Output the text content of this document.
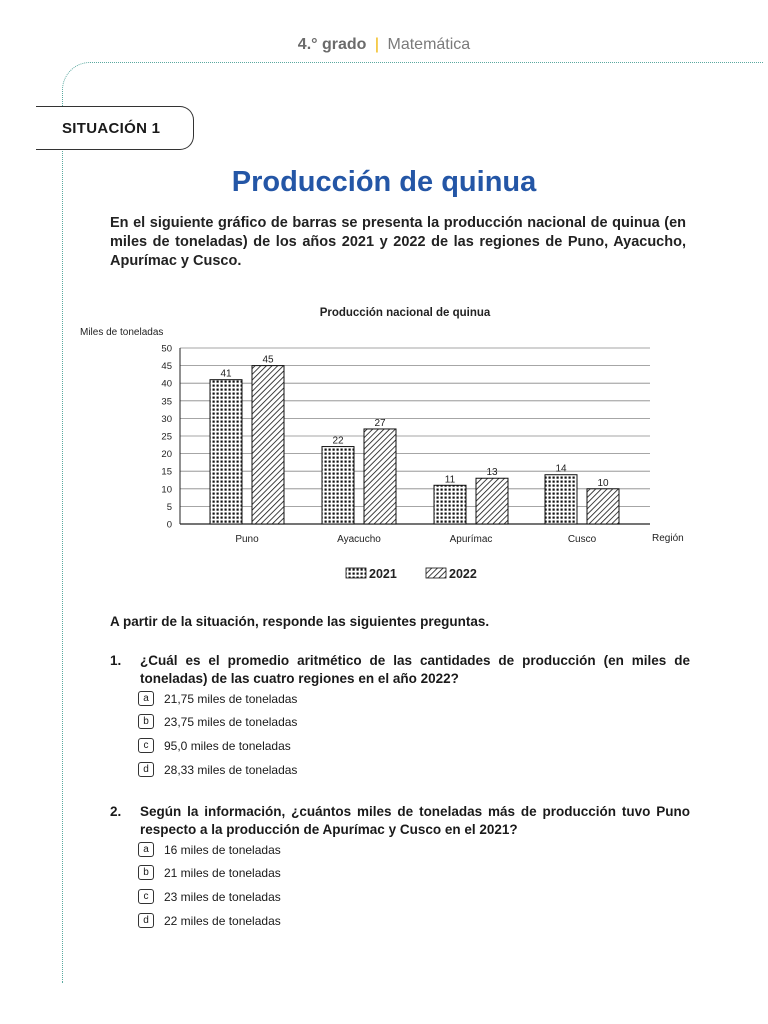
4.° grado | Matemática
SITUACIÓN 1
Producción de quinua
En el siguiente gráfico de barras se presenta la producción nacional de quinua (en miles de toneladas) de los años 2021 y 2022 de las regiones de Puno, Ayacucho, Apurímac y Cusco.
Producción nacional de quinua
Miles de toneladas
Región
0
5
10
15
20
25
30
35
40
45
50
41
45
Puno
22
27
Ayacucho
11
13
Apurímac
14
10
Cusco
2021	2022
A partir de la situación, responde las siguientes preguntas.
1. ¿Cuál es el promedio aritmético de las cantidades de producción (en miles de toneladas) de las cuatro regiones en el año 2022?
a	21,75 miles de toneladas
b	23,75 miles de toneladas
c	95,0 miles de toneladas
d	28,33 miles de toneladas
2. Según la información, ¿cuántos miles de toneladas más de producción tuvo Puno respecto a la producción de Apurímac y Cusco en el 2021?
a	16 miles de toneladas
b	21 miles de toneladas
c	23 miles de toneladas
d	22 miles de toneladas
